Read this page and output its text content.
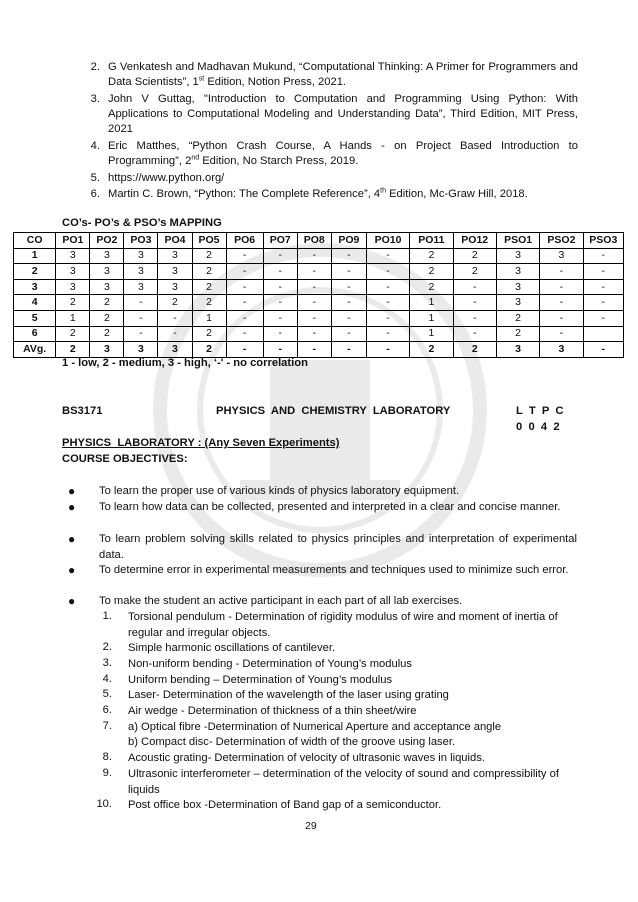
2. G Venkatesh and Madhavan Mukund, “Computational Thinking: A Primer for Programmers and Data Scientists”, 1st Edition, Notion Press, 2021.
3. John V Guttag, "Introduction to Computation and Programming Using Python: With Applications to Computational Modeling and Understanding Data”, Third Edition, MIT Press, 2021
4. Eric Matthes, “Python Crash Course, A Hands - on Project Based Introduction to Programming”, 2nd Edition, No Starch Press, 2019.
5. https://www.python.org/
6. Martin C. Brown, “Python: The Complete Reference”, 4th Edition, Mc-Graw Hill, 2018.
CO’s- PO’s & PSO’s MAPPING
CO	PO1	PO2	PO3	PO4	PO5	PO6	PO7	PO8	PO9	PO10	PO11	PO12	PSO1	PSO2	PSO3
1	3	3	3	3	2	-	-	-	-	-	2	2	3	3	-
2	3	3	3	3	2	-	-	-	-	-	2	2	3	-	-
3	3	3	3	3	2	-	-	-	-	-	2	-	3	-	-
4	2	2	-	2	2	-	-	-	-	-	1	-	3	-	-
5	1	2	-	-	1	-	-	-	-	-	1	-	2	-	-
6	2	2	-	-	2	-	-	-	-	-	1	-	2	-	
AVg.	2	3	3	3	2	-	-	-	-	-	2	2	3	3	-
1 - low, 2 - medium, 3 - high, ‘-' - no correlation
BS3171	PHYSICS  AND  CHEMISTRY  LABORATORY	L  T  P  C
0  0  4  2
PHYSICS  LABORATORY : (Any Seven Experiments)
COURSE OBJECTIVES:
● To learn the proper use of various kinds of physics laboratory equipment.
● To learn how data can be collected, presented and interpreted in a clear and concise manner.
● To learn problem solving skills related to physics principles and interpretation of experimental data.
● To determine error in experimental measurements and techniques used to minimize such error.
● To make the student an active participant in each part of all lab exercises.
1. Torsional pendulum - Determination of rigidity modulus of wire and moment of inertia of regular and irregular objects.
2. Simple harmonic oscillations of cantilever.
3. Non-uniform bending - Determination of Young’s modulus
4. Uniform bending – Determination of Young’s modulus
5. Laser- Determination of the wavelength of the laser using grating
6. Air wedge - Determination of thickness of a thin sheet/wire
7. a) Optical fibre -Determination of Numerical Aperture and acceptance angle
b) Compact disc- Determination of width of the groove using laser.
8. Acoustic grating- Determination of velocity of ultrasonic waves in liquids.
9. Ultrasonic interferometer – determination of the velocity of sound and compressibility of liquids
10. Post office box -Determination of Band gap of a semiconductor.
29
